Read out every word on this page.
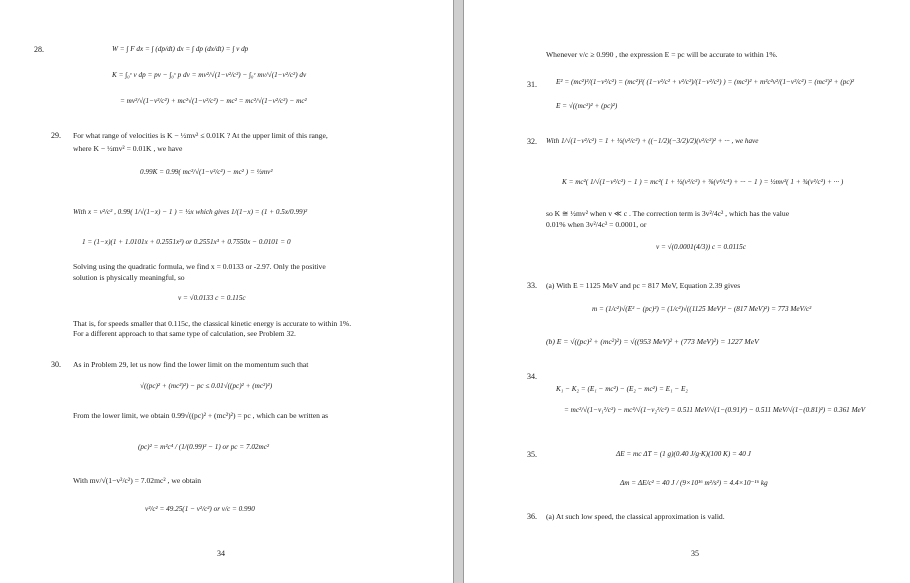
28.	W = ∫ F dx = ∫ (dp/dt) dx = ∫ dp (dx/dt) = ∫ v dp
K = ∫₀ᵛ v dp = pv − ∫₀ᵛ p dv = mv²/√(1−v²/c²) − ∫₀ᵛ mv/√(1−v²/c²) dv
= mv²/√(1−v²/c²) + mc²√(1−v²/c²) − mc² = mc²/√(1−v²/c²) − mc²
29. For what range of velocities is K − ½mv² ≤ 0.01K ? At the upper limit of this range,
where K − ½mv² = 0.01K , we have
0.99K = 0.99( mc²/√(1−v²/c²) − mc² ) = ½mv²
With x = v²/c² , 0.99( 1/√(1−x) − 1 ) = ½x which gives 1/(1−x) = (1 + 0.5x/0.99)²
1 = (1−x)(1 + 1.0101x + 0.2551x²) or 0.2551x³ + 0.7550x − 0.0101 = 0
Solving using the quadratic formula, we find x = 0.0133 or -2.97. Only the positive
solution is physically meaningful, so
v = √0.0133 c = 0.115c
That is, for speeds smaller that 0.115c, the classical kinetic energy is accurate to within 1%.
For a different approach to that same type of calculation, see Problem 32.
30. As in Problem 29, let us now find the lower limit on the momentum such that
√((pc)² + (mc²)²) − pc ≤ 0.01√((pc)² + (mc²)²)
From the lower limit, we obtain 0.99√((pc)² + (mc²)²) = pc , which can be written as
(pc)² = m²c⁴ / (1/(0.99)² − 1) or pc = 7.02mc²
With mv/√(1−v²/c²) = 7.02mc² , we obtain
v²/c² = 49.25(1 − v²/c²) or v/c = 0.990
34
Whenever v/c ≥ 0.990 , the expression E = pc will be accurate to within 1%.
31.	E² = (mc²)²/(1−v²/c²) = (mc²)²( (1−v²/c² + v²/c²)/(1−v²/c²) ) = (mc²)² + m²c²v²/(1−v²/c²) = (mc²)² + (pc)²
E = √((mc²)² + (pc)²)
32. With 1/√(1−v²/c²) = 1 + ½(v²/c²) + ((−1/2)(−3/2)/2)(v²/c²)² + ··· , we have
K = mc²( 1/√(1−v²/c²) − 1 ) = mc²( 1 + ½(v²/c²) + ⅜(v⁴/c⁴) + ··· − 1 ) = ½mv²( 1 + ¾(v²/c²) + ··· )
so K ≅ ½mv² when v ≪ c . The correction term is 3v²/4c² , which has the value
0.01% when 3v²/4c² = 0.0001, or
v = √(0.0001(4/3)) c = 0.0115c
33. (a) With E = 1125 MeV and pc = 817 MeV, Equation 2.39 gives
m = (1/c²)√(E² − (pc)²) = (1/c²)√((1125 MeV)² − (817 MeV)²) = 773 MeV/c²
(b) E = √((pc)² + (mc²)²) = √((953 MeV)² + (773 MeV)²) = 1227 MeV
34.
K₁ − K₂ = (E₁ − mc²) − (E₂ − mc²) = E₁ − E₂
= mc²/√(1−v₁²/c²) − mc²/√(1−v₂²/c²) = 0.511 MeV/√(1−(0.91)²) − 0.511 MeV/√(1−(0.81)²) = 0.361 MeV
35.	ΔE = mc ΔT = (1 g)(0.40 J/g·K)(100 K) = 40 J
Δm = ΔE/c² = 40 J / (9×10¹⁶ m²/s²) = 4.4×10⁻¹⁶ kg
36. (a) At such low speed, the classical approximation is valid.
35
